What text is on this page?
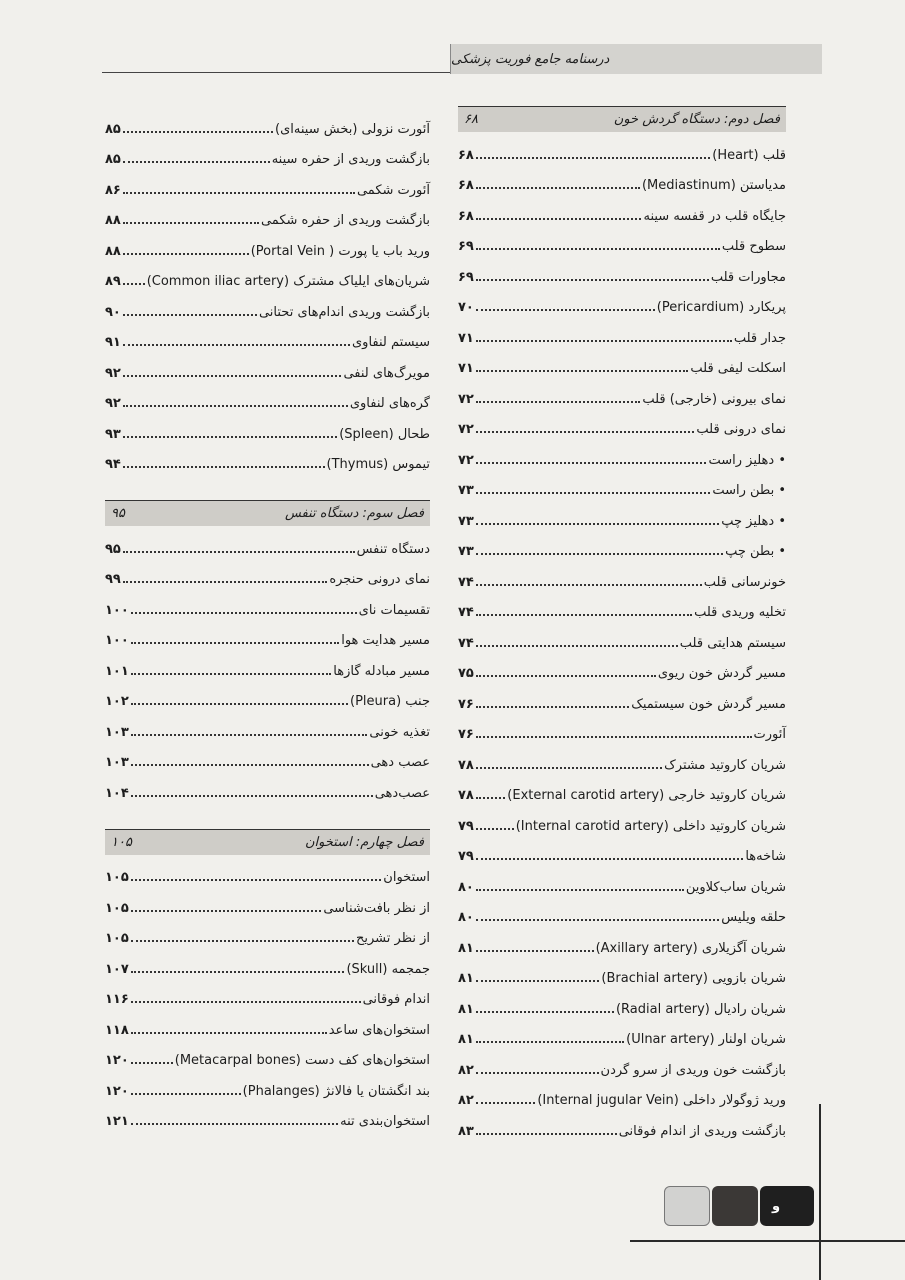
درسنامه جامع فوریت پزشکی
فصل دوم: دستگاه گردش خون
۶۸
قلب (Heart)
۶۸
مدیاستن (Mediastinum)
۶۸
جایگاه قلب در قفسه سینه
۶۸
سطوح قلب
۶۹
مجاورات قلب
۶۹
پریکارد (Pericardium)
۷۰
جدار قلب
۷۱
اسکلت لیفی قلب
۷۱
نمای بیرونی (خارجی) قلب
۷۲
نمای درونی قلب
۷۲
• دهلیز راست
۷۲
• بطن راست
۷۳
• دهلیز چپ
۷۳
• بطن چپ
۷۳
خونرسانی قلب
۷۴
تخلیه وریدی قلب
۷۴
سیستم هدایتی قلب
۷۴
مسیر گردش خون ریوی
۷۵
مسیر گردش خون سیستمیک
۷۶
آئورت
۷۶
شریان کاروتید مشترک
۷۸
شریان کاروتید خارجی (External carotid artery)
۷۸
شریان کاروتید داخلی (Internal carotid artery)
۷۹
شاخه‌ها
۷۹
شریان ساب‌کلاوین
۸۰
حلقه ویلیس
۸۰
شریان آگزیلاری (Axillary artery)
۸۱
شریان بازویی (Brachial artery)
۸۱
شریان رادیال (Radial artery)
۸۱
شریان اولنار (Ulnar artery)
۸۱
بازگشت خون وریدی از سرو گردن
۸۲
ورید ژوگولار داخلی (Internal jugular Vein)
۸۲
بازگشت وریدی از اندام فوقانی
۸۳
آئورت نزولی (بخش سینه‌ای)
۸۵
بازگشت وریدی از حفره سینه
۸۵
آئورت شکمی
۸۶
بازگشت وریدی از حفره شکمی
۸۸
ورید باب یا پورت ( Portal Vein)
۸۸
شریان‌های ایلیاک مشترک (Common iliac artery)
۸۹
بازگشت وریدی اندام‌های تحتانی
۹۰
سیستم لنفاوی
۹۱
مویرگ‌های لنفی
۹۲
گره‌های لنفاوی
۹۲
طحال (Spleen)
۹۳
تیموس (Thymus)
۹۴
فصل سوم: دستگاه تنفس
۹۵
دستگاه تنفس
۹۵
نمای درونی حنجره
۹۹
تقسیمات نای
۱۰۰
مسیر هدایت هوا
۱۰۰
مسیر مبادله گازها
۱۰۱
جنب (Pleura)
۱۰۲
تغذیه خونی
۱۰۳
عصب دهی
۱۰۳
عصب‌دهی
۱۰۴
فصل چهارم: استخوان
۱۰۵
استخوان
۱۰۵
از نظر بافت‌شناسی
۱۰۵
از نظر تشریح
۱۰۵
جمجمه (Skull)
۱۰۷
اندام فوقانی
۱۱۶
استخوان‌های ساعد
۱۱۸
استخوان‌های کف دست (Metacarpal bones)
۱۲۰
بند انگشتان یا فالانژ (Phalanges)
۱۲۰
استخوان‌بندی تنه
۱۲۱
و
